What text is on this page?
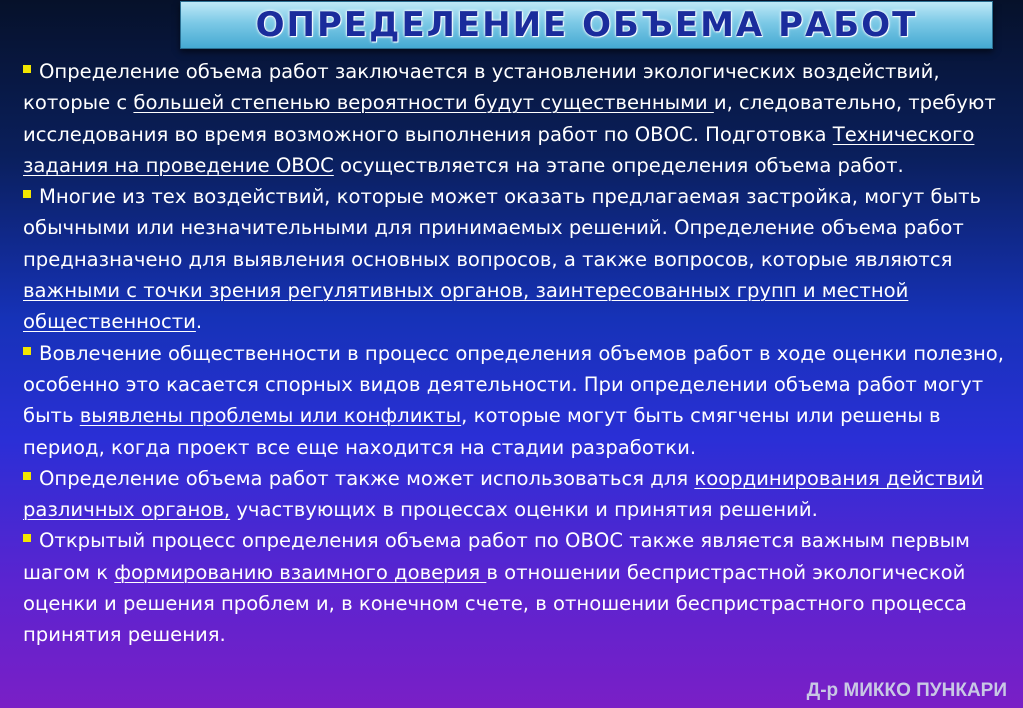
ОПРЕДЕЛЕНИЕ ОБЪЕМА РАБОТ

Определение объема работ заключается в установлении экологических воздействий, которые с большей степенью вероятности будут существенными и, следовательно, требуют исследования во время возможного выполнения работ по ОВОС. Подготовка Технического задания на проведение ОВОС осуществляется на этапе определения объема работ.

Многие из тех воздействий, которые может оказать предлагаемая застройка, могут быть обычными или незначительными для принимаемых решений. Определение объема работ предназначено для выявления основных вопросов, а также вопросов, которые являются важными с точки зрения регулятивных органов, заинтересованных групп и местной общественности.

Вовлечение общественности в процесс определения объемов работ в ходе оценки полезно, особенно это касается спорных видов деятельности. При определении объема работ могут быть выявлены проблемы или конфликты, которые могут быть смягчены или решены в период, когда проект все еще находится на стадии разработки.

Определение объема работ также может использоваться для координирования действий различных органов, участвующих в процессах оценки и принятия решений.

Открытый процесс определения объема работ по ОВОС также является важным первым шагом к формированию взаимного доверия в отношении беспристрастной экологической оценки и решения проблем и, в конечном счете, в отношении беспристрастного процесса принятия решения.

Д-р МИККО ПУНКАРИ
